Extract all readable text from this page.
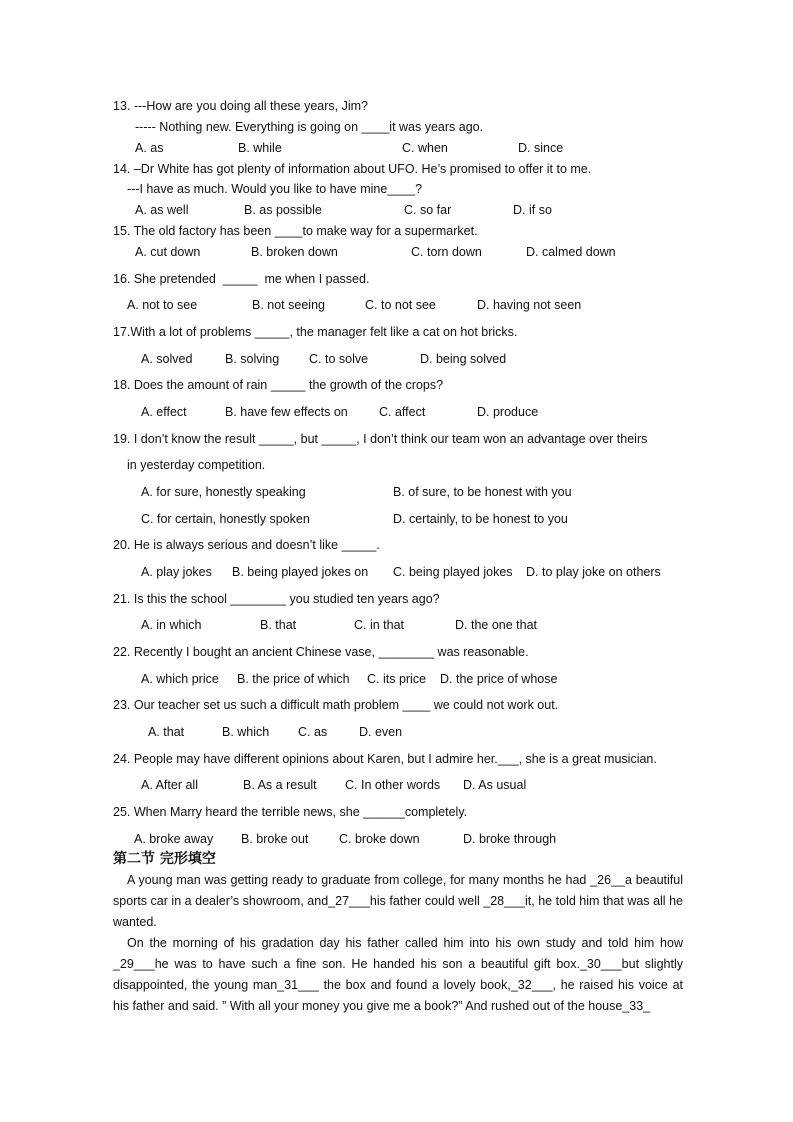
13. ---How are you doing all these years, Jim?
----- Nothing new. Everything is going on ____it was years ago.
A. as	B. while	C. when	D. since
14. –Dr White has got plenty of information about UFO. He’s promised to offer it to me.
---I have as much. Would you like to have mine____?
A. as well	B. as possible	C. so far	D. if so
15. The old factory has been ____to make way for a supermarket.
A. cut down	B. broken down	C. torn down	D. calmed down
16. She pretended  _____  me when I passed.
A. not to see	B. not seeing	C. to not see	D. having not seen
17.With a lot of problems _____, the manager felt like a cat on hot bricks.
A. solved	B. solving C. to solve	D. being solved
18. Does the amount of rain _____ the growth of the crops?
A. effect	B. have few effects on C. affect	D. produce
19. I don’t know the result _____, but _____, I don’t think our team won an advantage over theirs
in yesterday competition.
A. for sure, honestly speaking	B. of sure, to be honest with you
C. for certain, honestly spoken	D. certainly, to be honest to you
20. He is always serious and doesn’t like _____.
A. play jokes B. being played jokes on C. being played jokes D. to play joke on others
21. Is this the school ________ you studied ten years ago?
A. in which	B. that	C. in that	D. the one that
22. Recently I bought an ancient Chinese vase, ________ was reasonable.
A. which price B. the price of which C. its price D. the price of whose
23. Our teacher set us such a difficult math problem ____ we could not work out.
A. that	B. which C. as	D. even
24. People may have different opinions about Karen, but I admire her.___, she is a great musician.
A. After all	B. As a result C. In other words D. As usual
25. When Marry heard the terrible news, she ______completely.
A. broke away B. broke out C. broke down	D. broke through
第二节 完形填空

A young man was getting ready to graduate from college, for many months he had _26__a beautiful sports car in a dealer’s showroom, and_27___his father could well _28___it, he told him that was all he wanted.

On the morning of his gradation day his father called him into his own study and told him how _29___he was to have such a fine son. He handed his son a beautiful gift box._30___but slightly disappointed, the young man_31___ the box and found a lovely book,_32___, he raised his voice at his father and said. ” With all your money you give me a book?” And rushed out of the house_33_
